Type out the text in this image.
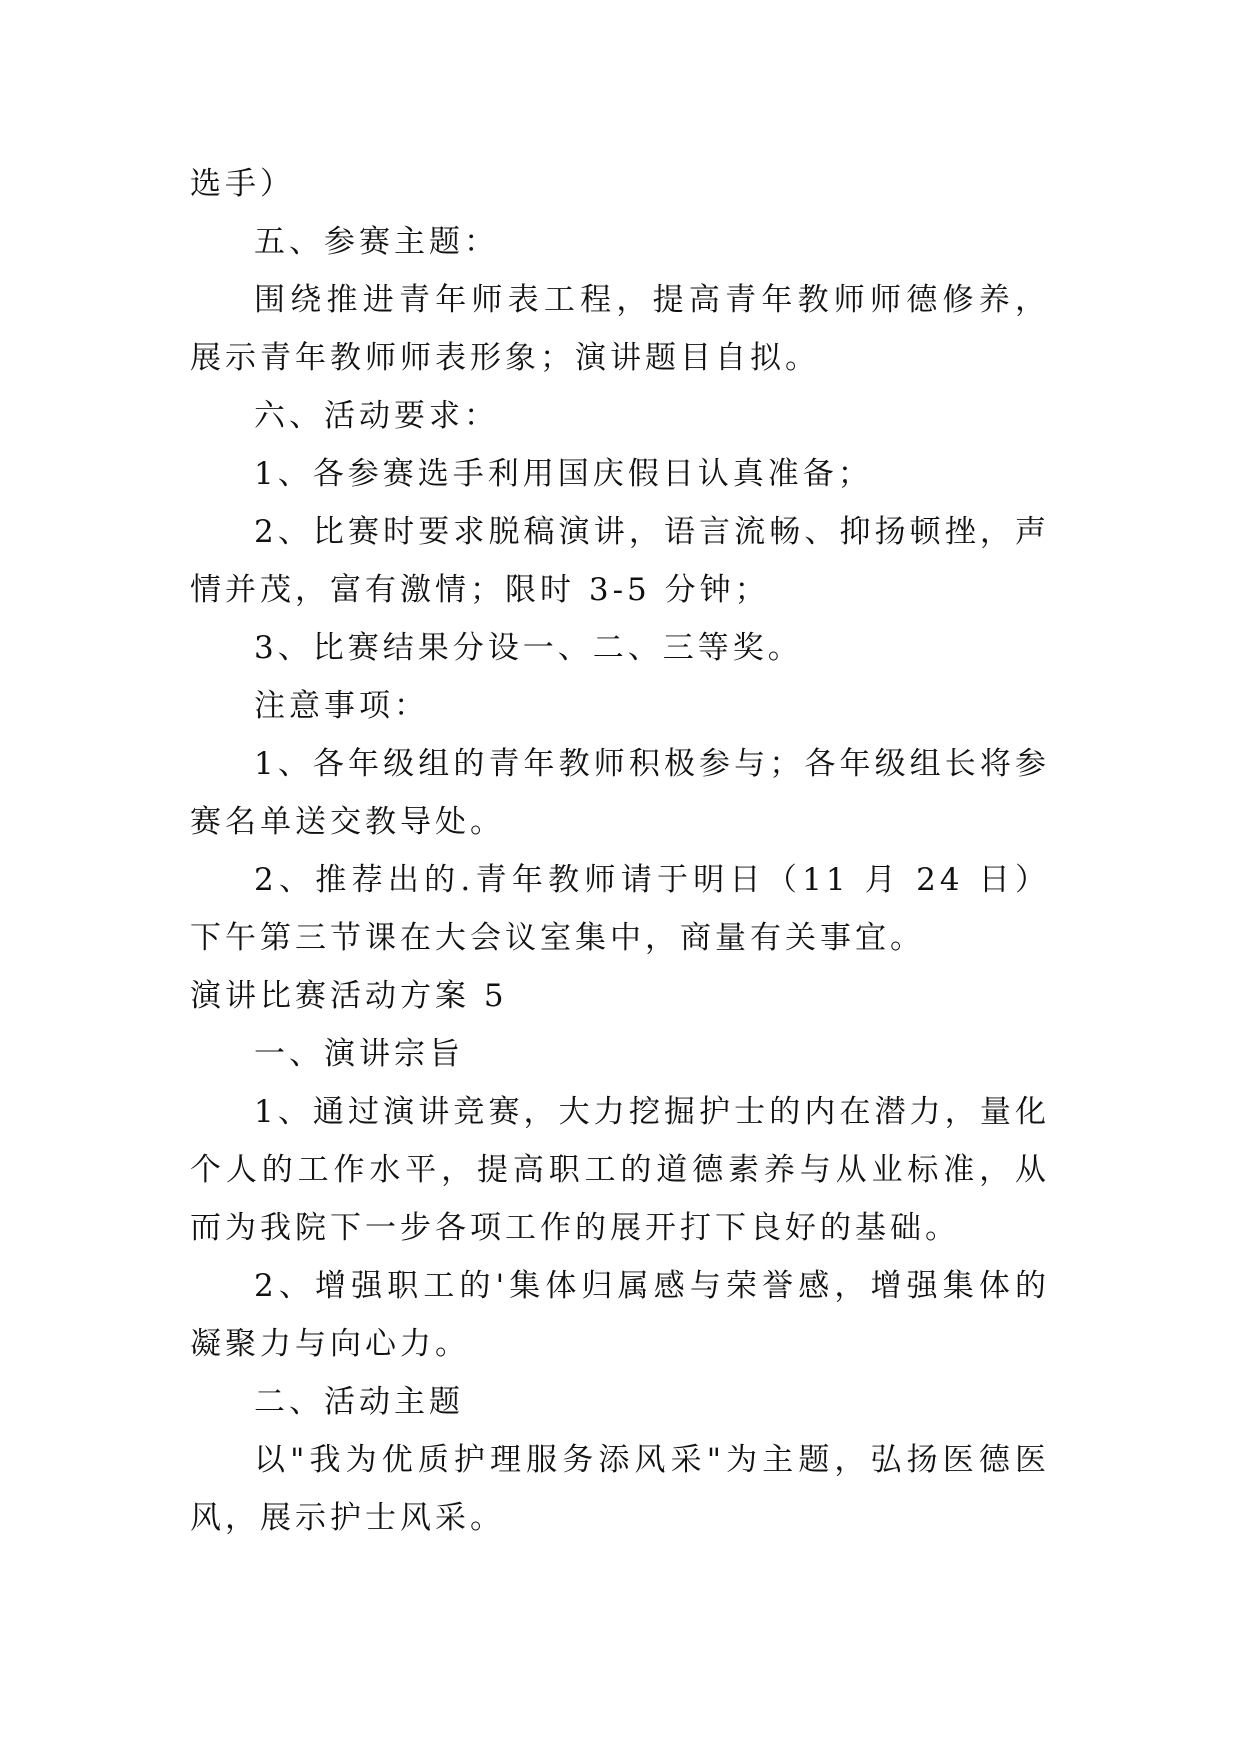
选手）

五、参赛主题：

围绕推进青年师表工程，提高青年教师师德修养，展示青年教师师表形象；演讲题目自拟。

六、活动要求：

1、各参赛选手利用国庆假日认真准备；

2、比赛时要求脱稿演讲，语言流畅、抑扬顿挫，声情并茂，富有激情；限时 3-5 分钟；

3、比赛结果分设一、二、三等奖。

注意事项：

1、各年级组的青年教师积极参与；各年级组长将参赛名单送交教导处。

2、推荐出的.青年教师请于明日（11 月 24 日）下午第三节课在大会议室集中，商量有关事宜。

演讲比赛活动方案 5

一、演讲宗旨

1、通过演讲竞赛，大力挖掘护士的内在潜力，量化个人的工作水平，提高职工的道德素养与从业标准，从而为我院下一步各项工作的展开打下良好的基础。

2、增强职工的'集体归属感与荣誉感，增强集体的凝聚力与向心力。

二、活动主题

以"我为优质护理服务添风采"为主题，弘扬医德医风，展示护士风采。
